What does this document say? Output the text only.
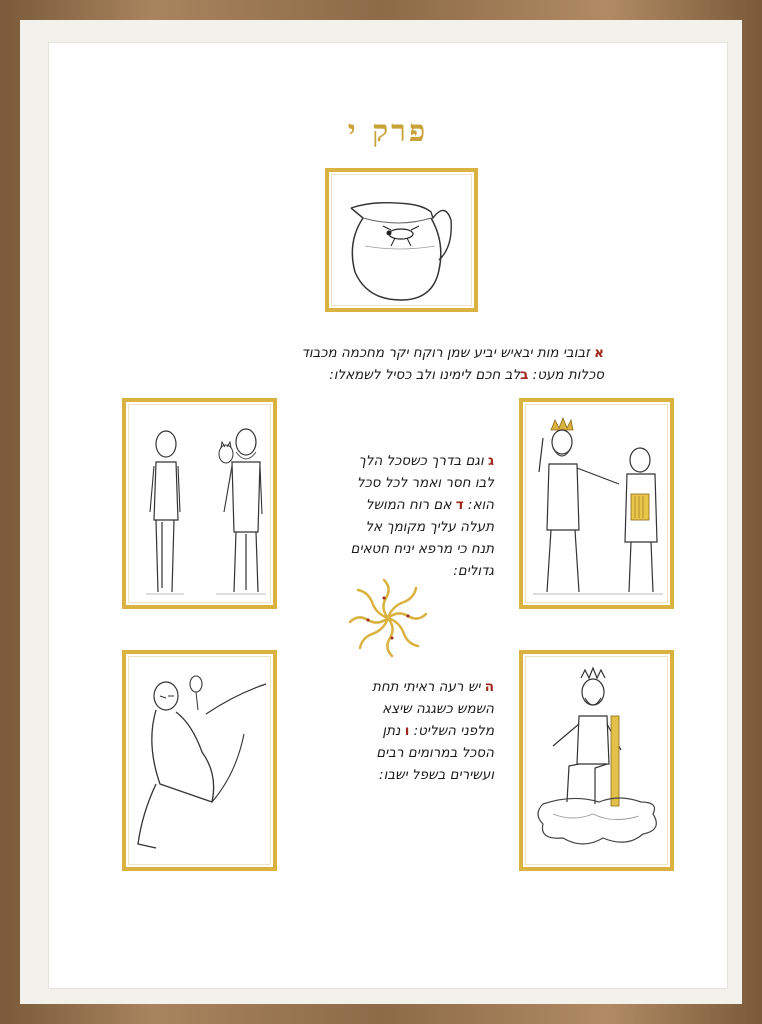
פרק י
א זבובי מות יבאיש יביע שמן רוקח יקר מחכמה מכבוד
סכלות מעט: בלב חכם לימינו ולב כסיל לשמאלו:
ג וגם בדרך כשסכל הלך
לבו חסר ואמר לכל סכל
הוא: ד אם רוח המושל
תעלה עליך מקומך אל
תנח כי מרפא יניח חטאים
גדולים:
ה יש רעה ראיתי תחת
השמש כשגגה שיצא
מלפני השליט: ו נתן
הסכל במרומים רבים
ועשירים בשפל ישבו:
